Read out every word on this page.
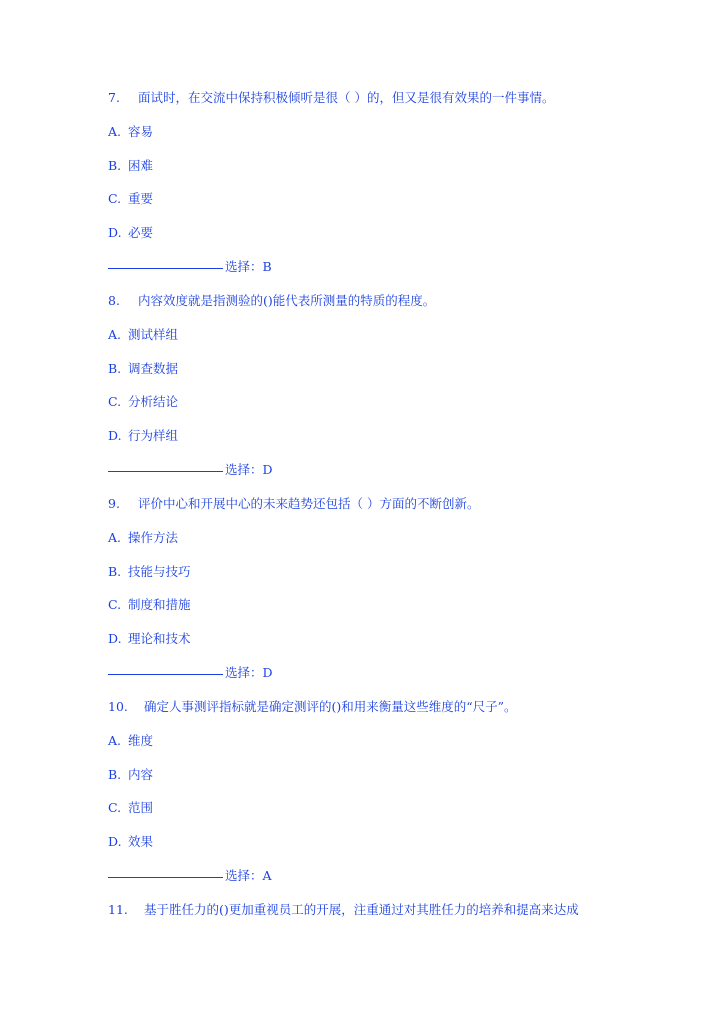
7. 面试时，在交流中保持积极倾听是很（ ）的，但又是很有效果的一件事情。
A. 容易
B. 困难
C. 重要
D. 必要
选择：B
8. 内容效度就是指测验的()能代表所测量的特质的程度。
A. 测试样组
B. 调查数据
C. 分析结论
D. 行为样组
选择：D
9. 评价中心和开展中心的未来趋势还包括（ ）方面的不断创新。
A. 操作方法
B. 技能与技巧
C. 制度和措施
D. 理论和技术
选择：D
10. 确定人事测评指标就是确定测评的()和用来衡量这些维度的“尺子”。
A. 维度
B. 内容
C. 范围
D. 效果
选择：A
11. 基于胜任力的()更加重视员工的开展，注重通过对其胜任力的培养和提高来达成
